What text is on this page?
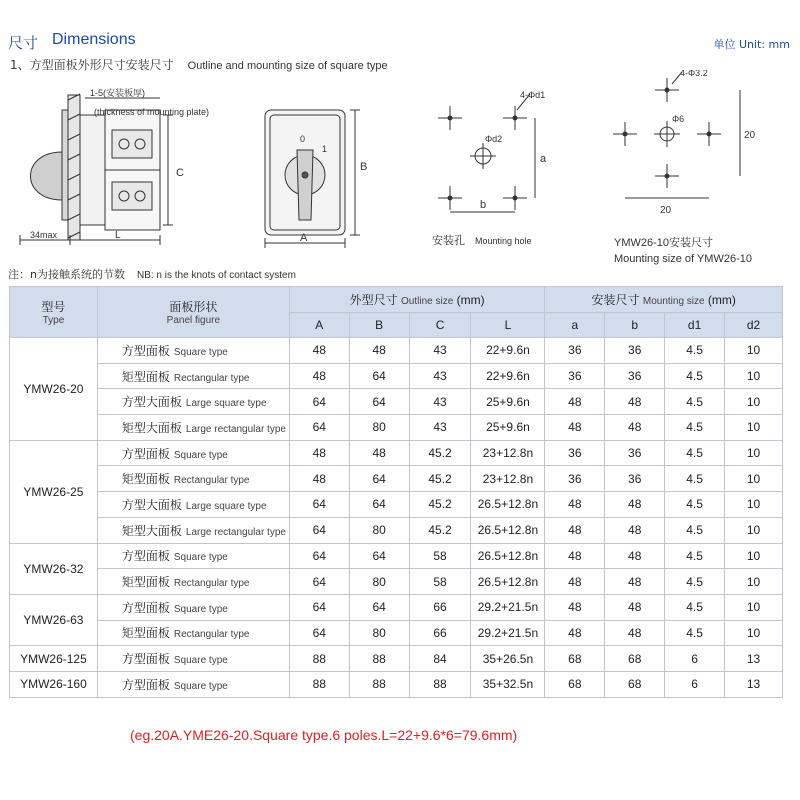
尺寸 Dimensions	单位 Unit: mm
1、方型面板外形尺寸安装尺寸 Outline and mounting size of square type
1-5(安装板厚)
(thickness of mounting plate)
C
34max	L
B
A
0
1
4-Φd1
Φd2
a
b
安装孔 Mounting hole
4-Φ3.2
Φ6
20
20
YMW26-10安装尺寸
Mounting size of YMW26-10
注：n为接触系统的节数 NB: n is the knots of contact system
型号
Type	面板形状
Panel figure	外型尺寸 Outline size (mm)				安装尺寸 Mounting size (mm)			
		A	B	C	L	a	b	d1	d2
YMW26-20	方型面板 Square type	48	48	43	22+9.6n	36	36	4.5	10
	矩型面板 Rectangular type	48	64	43	22+9.6n	36	36	4.5	10
	方型大面板 Large square type	64	64	43	25+9.6n	48	48	4.5	10
	矩型大面板 Large rectangular type	64	80	43	25+9.6n	48	48	4.5	10
YMW26-25	方型面板 Square type	48	48	45.2	23+12.8n	36	36	4.5	10
	矩型面板 Rectangular type	48	64	45.2	23+12.8n	36	36	4.5	10
	方型大面板 Large square type	64	64	45.2	26.5+12.8n	48	48	4.5	10
	矩型大面板 Large rectangular type	64	80	45.2	26.5+12.8n	48	48	4.5	10
YMW26-32	方型面板 Square type	64	64	58	26.5+12.8n	48	48	4.5	10
	矩型面板 Rectangular type	64	80	58	26.5+12.8n	48	48	4.5	10
YMW26-63	方型面板 Square type	64	64	66	29.2+21.5n	48	48	4.5	10
	矩型面板 Rectangular type	64	80	66	29.2+21.5n	48	48	4.5	10
YMW26-125	方型面板 Square type	88	88	84	35+26.5n	68	68	6	13
YMW26-160	方型面板 Square type	88	88	88	35+32.5n	68	68	6	13
(eg.20A.YME26-20.Square type.6 poles.L=22+9.6*6=79.6mm)
